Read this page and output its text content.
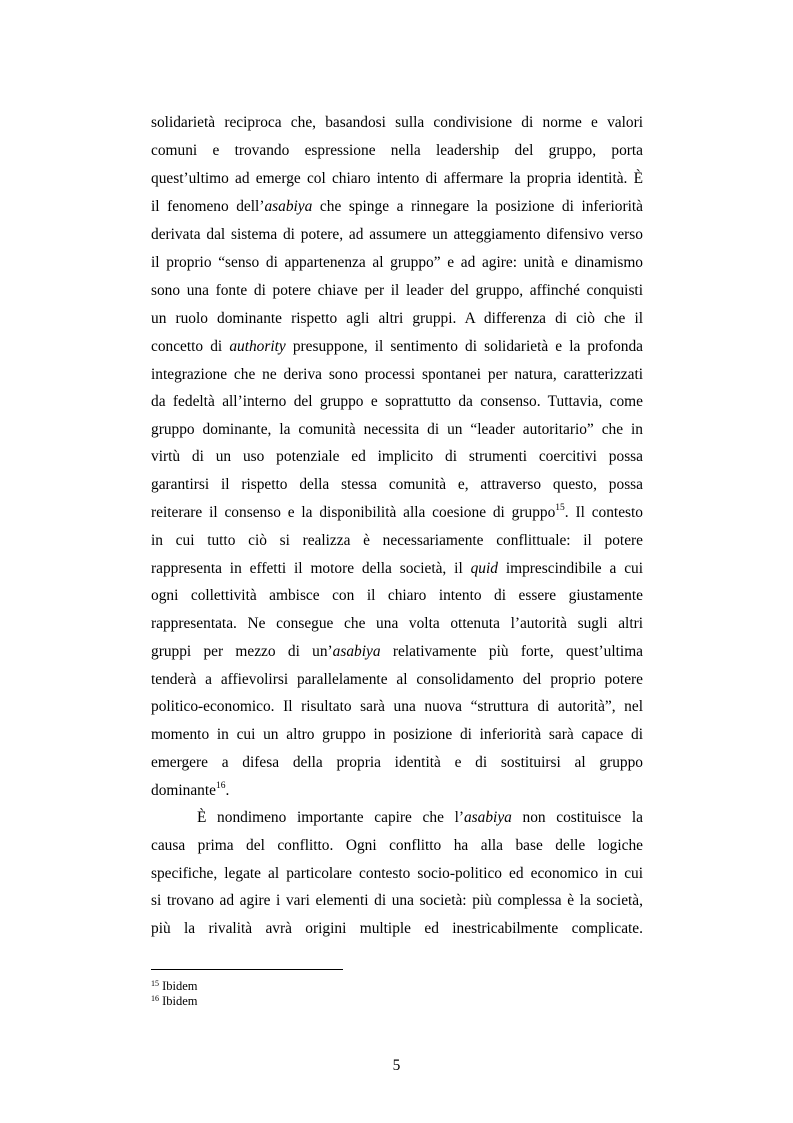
solidarietà reciproca che, basandosi sulla condivisione di norme e valori
comuni e trovando espressione nella leadership del gruppo, porta
quest’ultimo ad emerge col chiaro intento di affermare la propria identità. È
il fenomeno dell’asabiya che spinge a rinnegare la posizione di inferiorità
derivata dal sistema di potere, ad assumere un atteggiamento difensivo verso
il proprio “senso di appartenenza al gruppo” e ad agire: unità e dinamismo
sono una fonte di potere chiave per il leader del gruppo, affinché conquisti
un ruolo dominante rispetto agli altri gruppi. A differenza di ciò che il
concetto di authority presuppone, il sentimento di solidarietà e la profonda
integrazione che ne deriva sono processi spontanei per natura, caratterizzati
da fedeltà all’interno del gruppo e soprattutto da consenso. Tuttavia, come
gruppo dominante, la comunità necessita di un “leader autoritario” che in
virtù di un uso potenziale ed implicito di strumenti coercitivi possa
garantirsi il rispetto della stessa comunità e, attraverso questo, possa
reiterare il consenso e la disponibilità alla coesione di gruppo$^{15}$. Il contesto
in cui tutto ciò si realizza è necessariamente conflittuale: il potere
rappresenta in effetti il motore della società, il quid imprescindibile a cui
ogni collettività ambisce con il chiaro intento di essere giustamente
rappresentata. Ne consegue che una volta ottenuta l’autorità sugli altri
gruppi per mezzo di un’asabiya relativamente più forte, quest’ultima
tenderà a affievolirsi parallelamente al consolidamento del proprio potere
politico-economico. Il risultato sarà una nuova “struttura di autorità”, nel
momento in cui un altro gruppo in posizione di inferiorità sarà capace di
emergere a difesa della propria identità e di sostituirsi al gruppo
dominante$^{16}$.
È nondimeno importante capire che l’asabiya non costituisce la
causa prima del conflitto. Ogni conflitto ha alla base delle logiche
specifiche, legate al particolare contesto socio-politico ed economico in cui
si trovano ad agire i vari elementi di una società: più complessa è la società,
più la rivalità avrà origini multiple ed inestricabilmente complicate.
$^{15}$ Ibidem
$^{16}$ Ibidem
5
